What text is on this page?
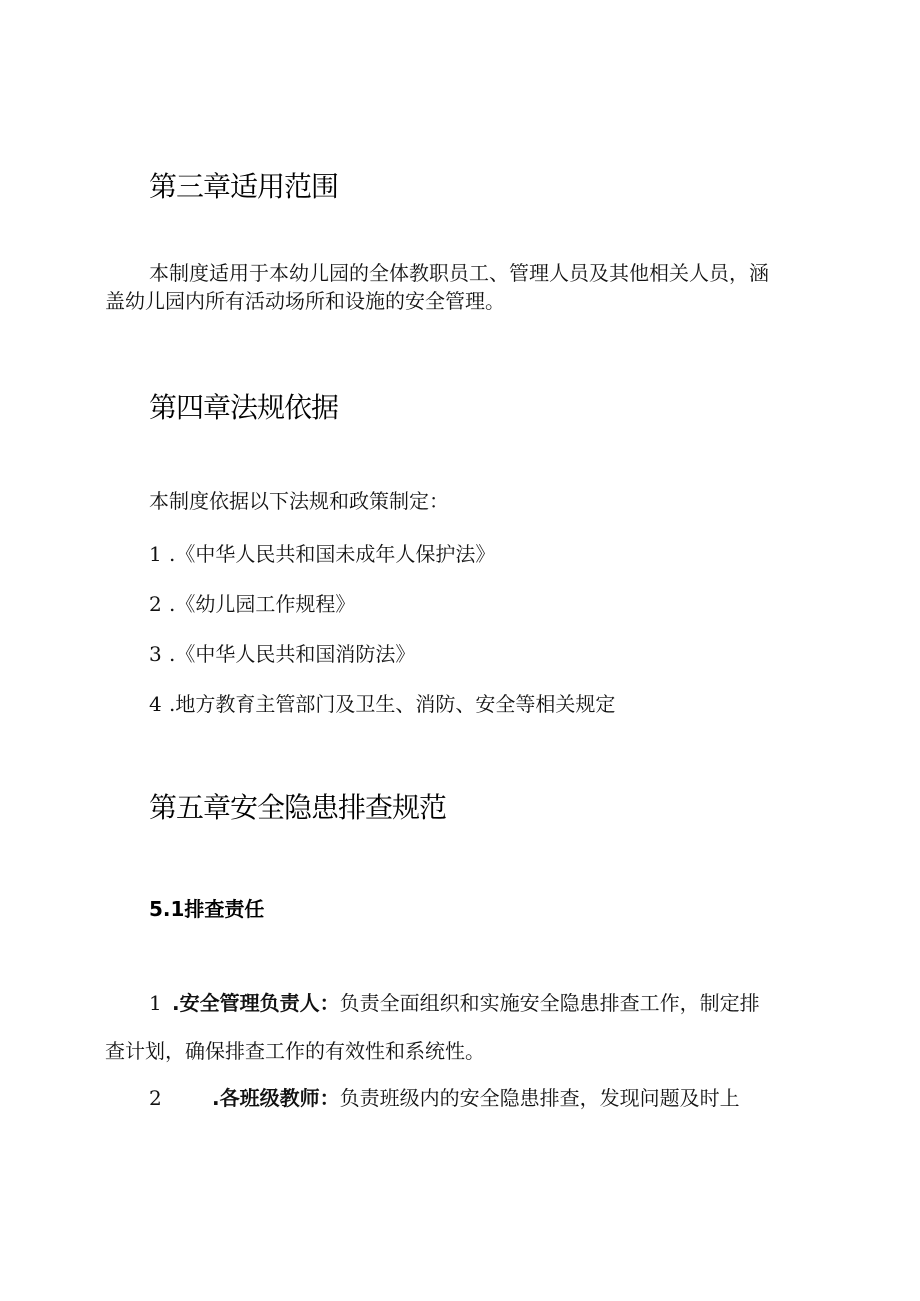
第三章适用范围
本制度适用于本幼儿园的全体教职员工、管理人员及其他相关人员，涵
盖幼儿园内所有活动场所和设施的安全管理。
第四章法规依据
本制度依据以下法规和政策制定：
1 .《中华人民共和国未成年人保护法》
2 .《幼儿园工作规程》
3 .《中华人民共和国消防法》
4 .地方教育主管部门及卫生、消防、安全等相关规定
第五章安全隐患排查规范
5.1排查责任
1 .安全管理负责人：负责全面组织和实施安全隐患排查工作，制定排
查计划，确保排查工作的有效性和系统性。
2	.各班级教师：负责班级内的安全隐患排查，发现问题及时上
